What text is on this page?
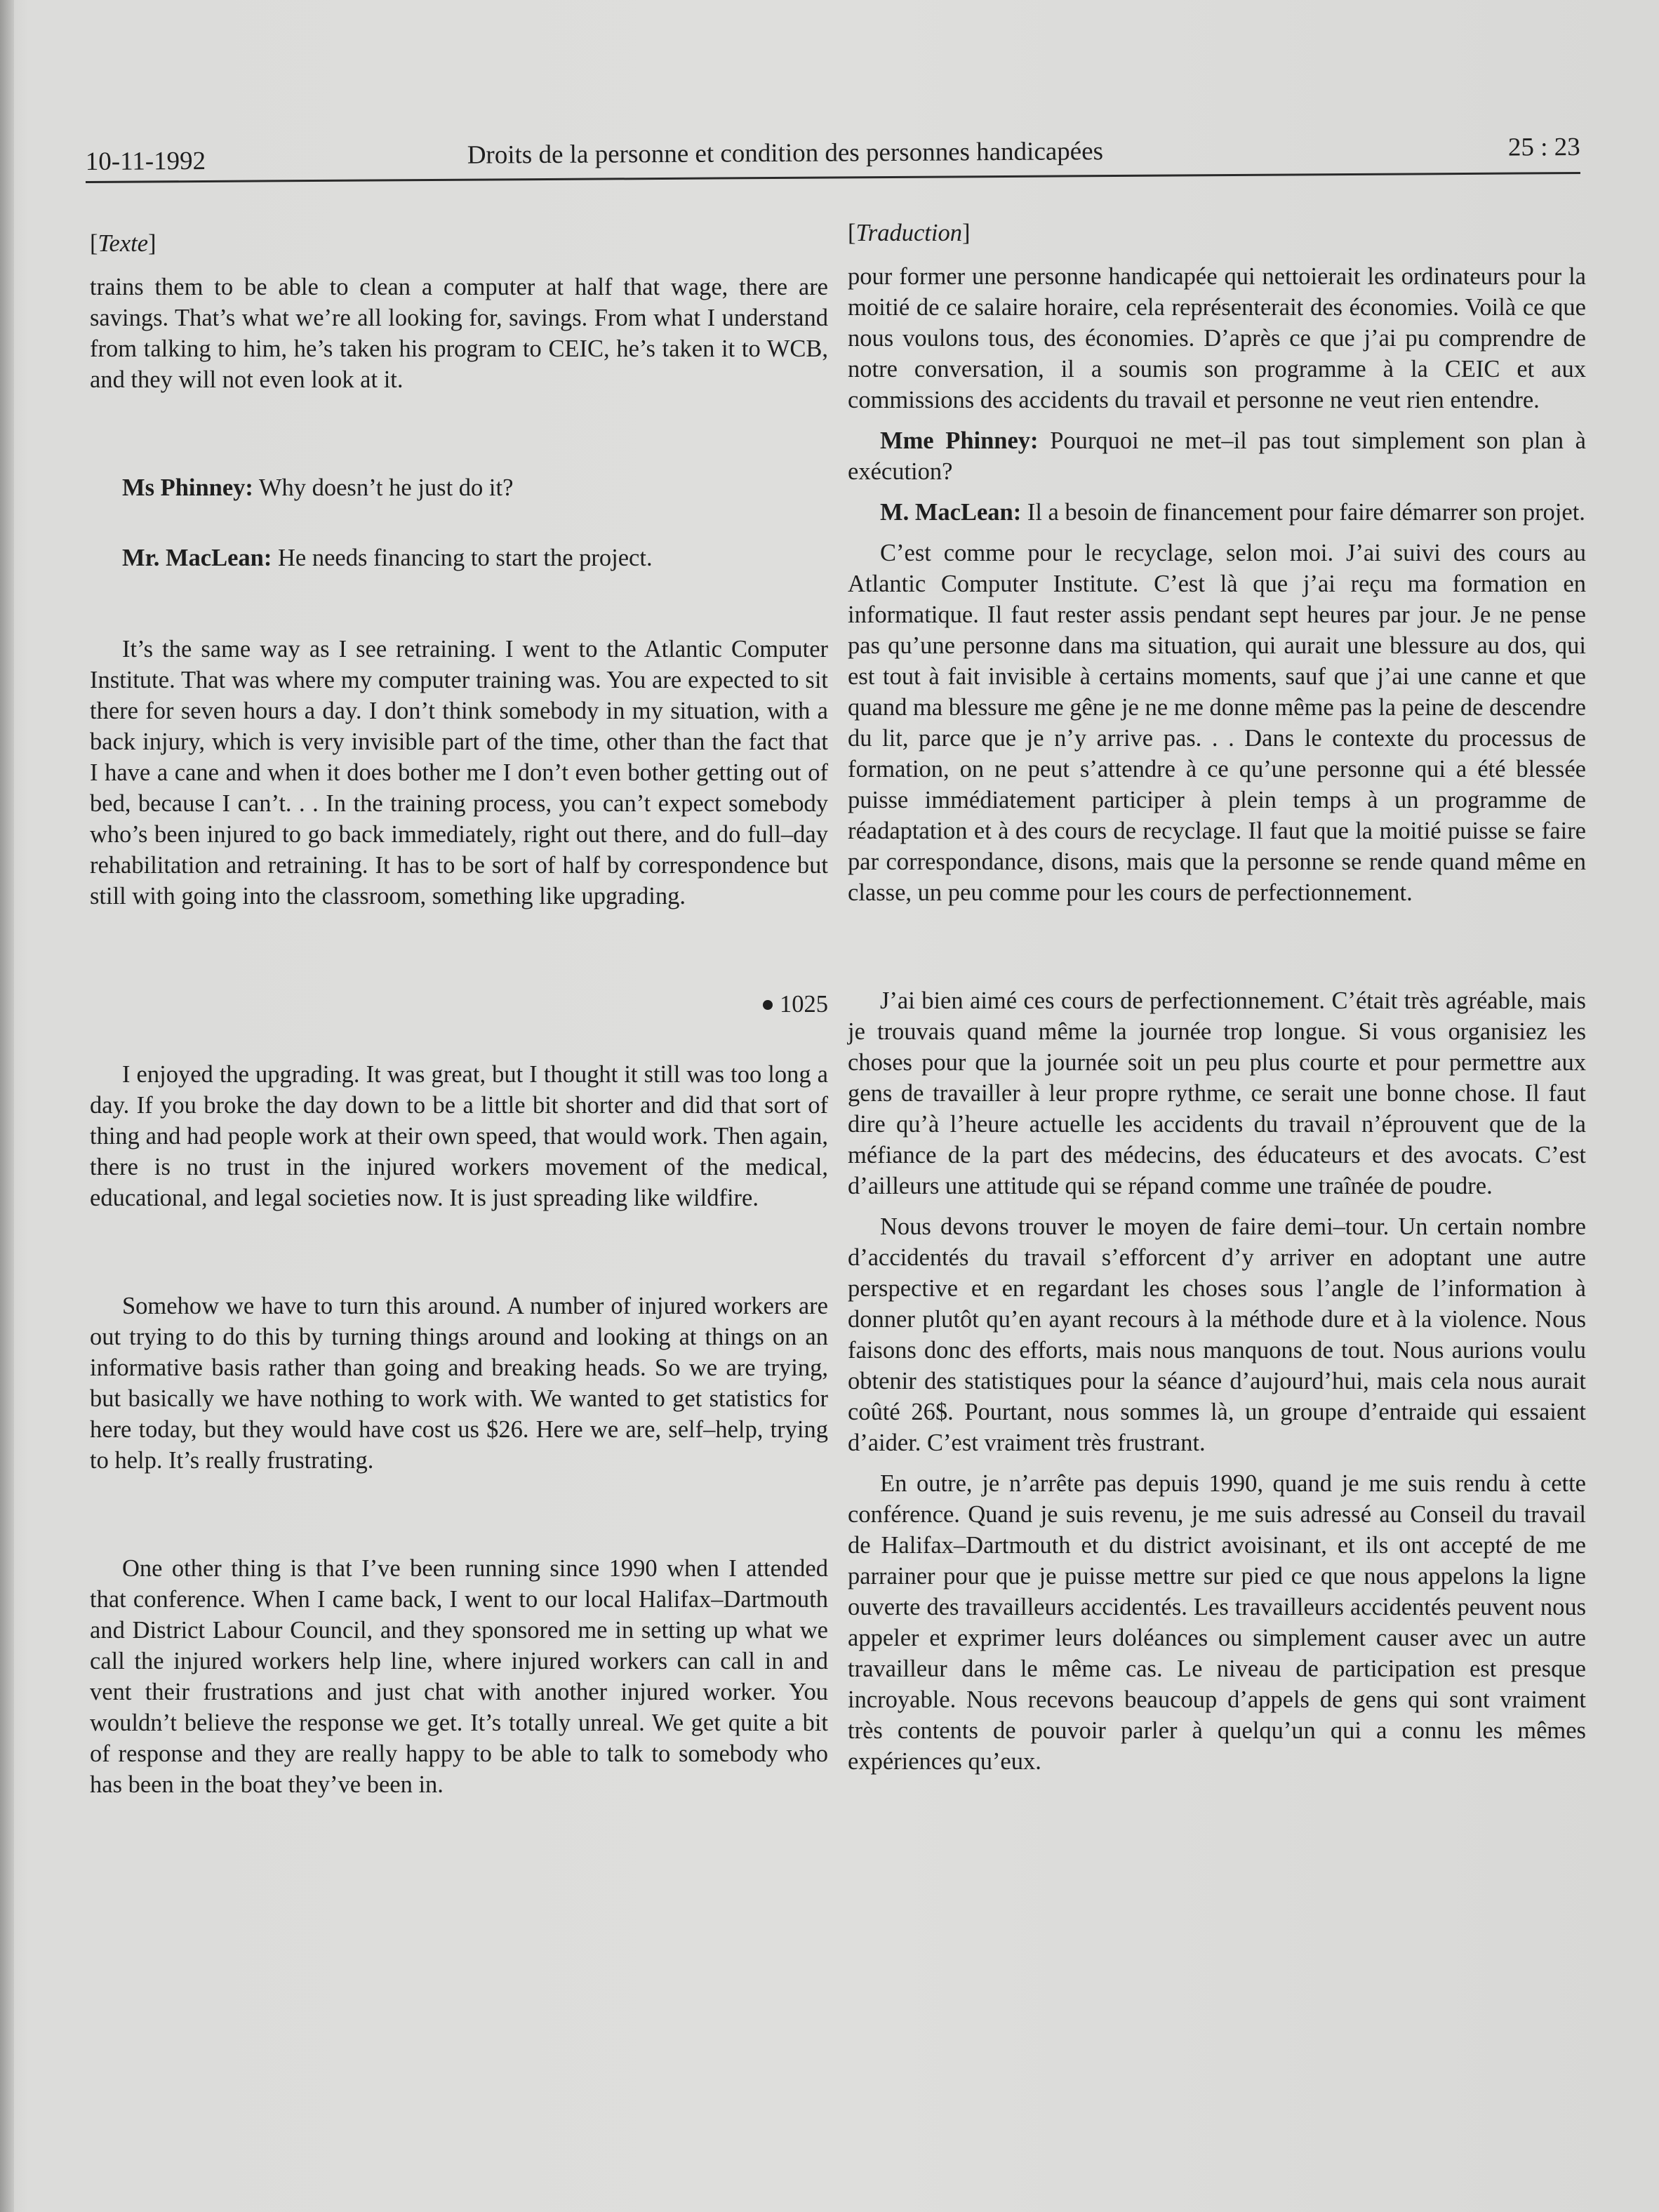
10-11-1992	Droits de la personne et condition des personnes handicapées	25 : 23
[Texte]

trains them to be able to clean a computer at half that wage, there are savings. That’s what we’re all looking for, savings. From what I understand from talking to him, he’s taken his program to CEIC, he’s taken it to WCB, and they will not even look at it.

Ms Phinney: Why doesn’t he just do it?

Mr. MacLean: He needs financing to start the project.

It’s the same way as I see retraining. I went to the Atlantic Computer Institute. That was where my computer training was. You are expected to sit there for seven hours a day. I don’t think somebody in my situation, with a back injury, which is very invisible part of the time, other than the fact that I have a cane and when it does bother me I don’t even bother getting out of bed, because I can’t. . . In the training process, you can’t expect somebody who’s been injured to go back immediately, right out there, and do full–day rehabilitation and retraining. It has to be sort of half by correspondence but still with going into the classroom, something like upgrading.

1025

I enjoyed the upgrading. It was great, but I thought it still was too long a day. If you broke the day down to be a little bit shorter and did that sort of thing and had people work at their own speed, that would work. Then again, there is no trust in the injured workers movement of the medical, educational, and legal societies now. It is just spreading like wildfire.

Somehow we have to turn this around. A number of injured workers are out trying to do this by turning things around and looking at things on an informative basis rather than going and breaking heads. So we are trying, but basically we have nothing to work with. We wanted to get statistics for here today, but they would have cost us $26. Here we are, self–help, trying to help. It’s really frustrating.

One other thing is that I’ve been running since 1990 when I attended that conference. When I came back, I went to our local Halifax–Dartmouth and District Labour Council, and they sponsored me in setting up what we call the injured workers help line, where injured workers can call in and vent their frustrations and just chat with another injured worker. You wouldn’t believe the response we get. It’s totally unreal. We get quite a bit of response and they are really happy to be able to talk to somebody who has been in the boat they’ve been in.

[Traduction]

pour former une personne handicapée qui nettoierait les ordinateurs pour la moitié de ce salaire horaire, cela représenterait des économies. Voilà ce que nous voulons tous, des économies. D’après ce que j’ai pu comprendre de notre conversation, il a soumis son programme à la CEIC et aux commissions des accidents du travail et personne ne veut rien entendre.

Mme Phinney: Pourquoi ne met–il pas tout simplement son plan à exécution?

M. MacLean: Il a besoin de financement pour faire démarrer son projet.

C’est comme pour le recyclage, selon moi. J’ai suivi des cours au Atlantic Computer Institute. C’est là que j’ai reçu ma formation en informatique. Il faut rester assis pendant sept heures par jour. Je ne pense pas qu’une personne dans ma situation, qui aurait une blessure au dos, qui est tout à fait invisible à certains moments, sauf que j’ai une canne et que quand ma blessure me gêne je ne me donne même pas la peine de descendre du lit, parce que je n’y arrive pas. . . Dans le contexte du processus de formation, on ne peut s’attendre à ce qu’une personne qui a été blessée puisse immédiatement participer à plein temps à un programme de réadaptation et à des cours de recyclage. Il faut que la moitié puisse se faire par correspondance, disons, mais que la personne se rende quand même en classe, un peu comme pour les cours de perfectionnement.

J’ai bien aimé ces cours de perfectionnement. C’était très agréable, mais je trouvais quand même la journée trop longue. Si vous organisiez les choses pour que la journée soit un peu plus courte et pour permettre aux gens de travailler à leur propre rythme, ce serait une bonne chose. Il faut dire qu’à l’heure actuelle les accidents du travail n’éprouvent que de la méfiance de la part des médecins, des éducateurs et des avocats. C’est d’ailleurs une attitude qui se répand comme une traînée de poudre.

Nous devons trouver le moyen de faire demi–tour. Un certain nombre d’accidentés du travail s’efforcent d’y arriver en adoptant une autre perspective et en regardant les choses sous l’angle de l’information à donner plutôt qu’en ayant recours à la méthode dure et à la violence. Nous faisons donc des efforts, mais nous manquons de tout. Nous aurions voulu obtenir des statistiques pour la séance d’aujourd’hui, mais cela nous aurait coûté 26$. Pourtant, nous sommes là, un groupe d’entraide qui essaient d’aider. C’est vraiment très frustrant.

En outre, je n’arrête pas depuis 1990, quand je me suis rendu à cette conférence. Quand je suis revenu, je me suis adressé au Conseil du travail de Halifax–Dartmouth et du district avoisinant, et ils ont accepté de me parrainer pour que je puisse mettre sur pied ce que nous appelons la ligne ouverte des travailleurs accidentés. Les travailleurs accidentés peuvent nous appeler et exprimer leurs doléances ou simplement causer avec un autre travailleur dans le même cas. Le niveau de participation est presque incroyable. Nous recevons beaucoup d’appels de gens qui sont vraiment très contents de pouvoir parler à quelqu’un qui a connu les mêmes expériences qu’eux.
